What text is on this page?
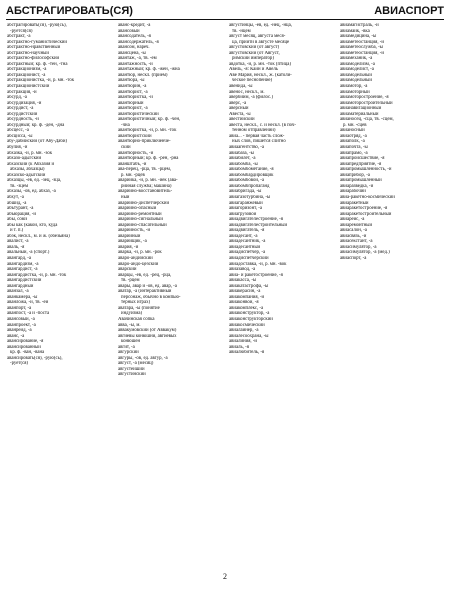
АБСТРАГИРОВАТЬ(СЯ)	АВИАСПОРТ
абстрагировать(ся), -рую(сь),
-руется(ся)
абстракт, -а
абстрактно-гуманистический
абстрактно-нравственный
абстрактно-научный
абстрактно-философский
абстрактный; кр. ф. -тен, -тна
абстракционизм, -а
абстракционист, -а
абстракционистка, -и, р. мн. -ток
абстракционистский
абстракция, -и
абсурд, -а
абсурдизация, -и
абсурдист, -а
абсурдистский
абсурдность, -и
абсурдный; кр. ф. -ден, -дна
абсцесс, -а
абсцисса, -ы
абу-дабийский (от Абу-Даби)
абулия, -и
абхазка, -и, р. мн. -зок
абхазо-адыгский
абхазский (к Абхазия и
абхазы, абхазцы)
абхазско-адыгский
абхазцы, -ев, ед. -зец, -зца,
тв. -зцем
абхазы, -ов, ед. абхаз, -а
абхут, -а
абшид, -а
абътурант, -а
абъюрация, -и
абы, союз
абы как (какой, кто, куда
и т. п.)
абэк, нескл., м. и ж. (обезьяна)
авалист, -а
аваль, -я
авальный, -а (спорт.)
авангард, -а
авангардизм, -а
авангардист, -а
авангардистка, -и, р. мн. -ток
авангардистский
авангардный
аванзал, -а
аванкамера, -ы
аванложа, -и, тв. -ей
аванпорт, -а
аванпост, -а и -поста
авансовый, -а
аванпроект, -а
аванрейд, -а
аванс, -а
авансирование, -я
авансированный
кр. ф. -ван, -вана
авансировать(ся), -рую(сь),
-рует(ся)
аванс-кредит, -а
авансовый
авансодатель, -я
авансодержатель, -я
авансом, нареч.
авансцена, -ы
авантаж, -а, тв. -ем
авантажность, -и
авантажный; кр. ф. -жен, -жна
авантюр, нескл. (приём)
авантюра, -ы
авантюрин, -а
авантюрист, -а
авантюристка, -и
авантюрный
авантюрист, -а
авантюристический
авантюристичный; кр. ф. -чен,
-чна
авантюристка, -и, р. мн. -ток
авантюристский
авантюрно-приключенче-
ский
авантюрность, -и
авантюрный; кр. ф. -рен, -рна
аванштабъ, -й
ава-перец, -рца, тв. -рцем,
р. мн. -рцев
аварийка, -и, р. мн. -йек (ава-
рийная служба; машина)
аварийно-восстановитель-
ный
аварийно-диспетчерский
аварийно-опасный
аварийно-ремонтный
аварийно-сигнальный
аварийно-спасательный
аварийность, -и
аварийный
аварийщик, -а
авария, -и
аварка, -и, р. мн. -рок
аваро-андийский
аваро-андо-цезский
аварский
аварцы, -ев, ед. -рец, -рца,
тв. -рцем
авары, авар и -ов, ед. авар, -а
аватар, -а (интерактивный
персонаж, обычно в компью-
терных играх)
аватара, -ы (понятие
индуизма)
Авачинская сопка
авва, -ы, м.
аввакумовский (от Аввакум)
авгиевы конюшни, авгиевых
конюшен
авгит, -а
авгурский
авгуры, -ов, ед. авгур, -а
август, -а (месяц)
августейший
августинский
августинцы, -ев, ед. -нец, -нца,
тв. -нцем
август месяц, августа меся-
ца, прийти в августе месяце
августовский (от август)
августовский (от Август,
римский император)
авдотка, -и, р. мн. -ток (птица)
Авель, -я: Каин и Авель
Аве Мария, нескл., ж. (католи-
ческое песнопение)
авенида, -ы
авенос, нескл., м.
авербийм, -а (филос.)
аверс, -а
аверсный
Авеста, -ы
авестийский
авеста, нескл., с. и нескл. (в поч-
тенном отправлении)
авиа... - первая часть слож-
ных слов, пишется слитно
авиаагентство, -а
авиабаза, -ы
авиабилет, -а
авиабомба, -ы
авиабомбометание, -я
авиабомбардировщик
авиабомбовой, -а
авиабомбпропаганд
авиабригада, -ы
авиагазотурбина, -ы
авиагаранжевый
авиагоризонт, -а
авиагрузовой
авиадвигателестроение, -я
авиадвигателестроительный
авиадвигатель, -я
авиадесант, -а
авиадесантник, -а
авиадесантный
авиадиспетчер, -а
авиадиспетчерский
авиадоставка, -и, р. мн. -вок
авиазавод, -а
авиа- и ракетостроение, -я
авиакасса, -ы
авиакатастрофа, -ы
авиакерасин, -а
авиакомпания, -и
авиаконвой, -я
авиакомплекс, -а
авиаконструктор, -а
авиаконструкторский
авиакосмический
авиалайнер, -а
авиалесоохрана, -ы
авиалиния, -и
авиаль, -я
авиалюбитель, -я
авиамагистраль, -и
авиамайк, -вка
авиамедицина, -ы
авиаметеостанция, -и
авиаметеослужба, -ы
авиаметеостанция, -и
авиамеханик, -а
авиамоделизм, -а
авиамоделист, -а
авиамодельный
авиамодельный
авиамотор, -а
авиамоторный
авиамоторостроение, -я
авиамоторостроительный
авианавигационный
авиаматериальный
авианосец, -сца, тв. -сцем,
р. мн. -сцев
авианосный
авиаотряд, -а
авиаполк, -а
авиапочта, -ы
авиапрамо, -а
авиапроисшествие, -я
авиапредприятие, -я
авиапромышленность, -и
авиаприбор, -а
авиапромышленный
авиаразведка, -и
авиарабочий
авиа-ракетно-космический
авиаракетный
авиаракетостроение, -я
авиаракетостроительный
авиарейс, -а
авиаремонтный
авиасалон, -а
авиасвязь, -и
авиасекстант, -а
авиасимулятор, -а
авиасимулятор, -а (мед.)
авиаспорт, -а
2
